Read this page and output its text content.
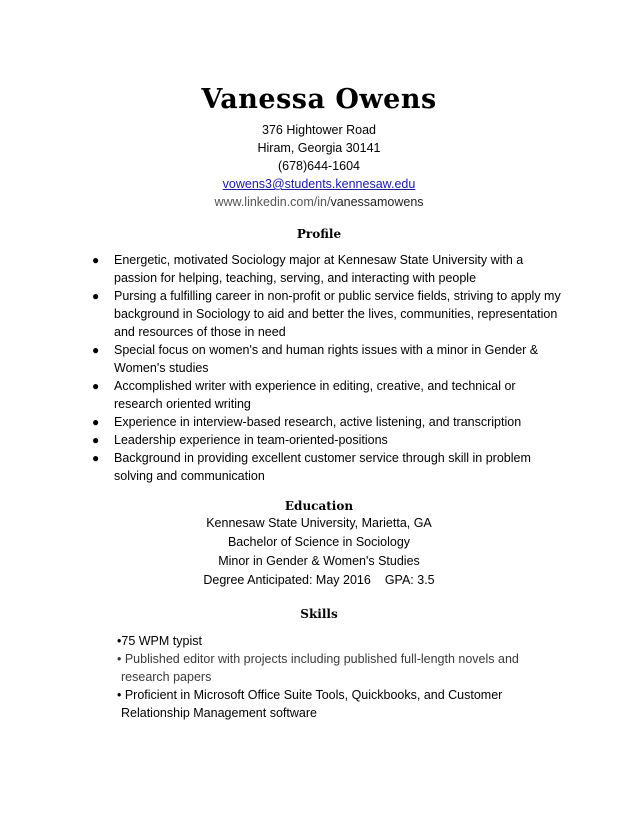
Vanessa Owens
376 Hightower Road
Hiram, Georgia 30141
(678)644-1604
vowens3@students.kennesaw.edu
www.linkedin.com/in/vanessamowens
Profile
● Energetic, motivated Sociology major at Kennesaw State University with a
passion for helping, teaching, serving, and interacting with people
● Pursing a fulfilling career in non-profit or public service fields, striving to apply my
background in Sociology to aid and better the lives, communities, representation
and resources of those in need
● Special focus on women's and human rights issues with a minor in Gender &
Women's studies
● Accomplished writer with experience in editing, creative, and technical or
research oriented writing
● Experience in interview-based research, active listening, and transcription
● Leadership experience in team-oriented-positions
● Background in providing excellent customer service through skill in problem
solving and communication
Education
Kennesaw State University, Marietta, GA
Bachelor of Science in Sociology
Minor in Gender & Women's Studies
Degree Anticipated: May 2016 GPA: 3.5
Skills
•75 WPM typist
• Published editor with projects including published full-length novels and
research papers
• Proficient in Microsoft Office Suite Tools, Quickbooks, and Customer
Relationship Management software
